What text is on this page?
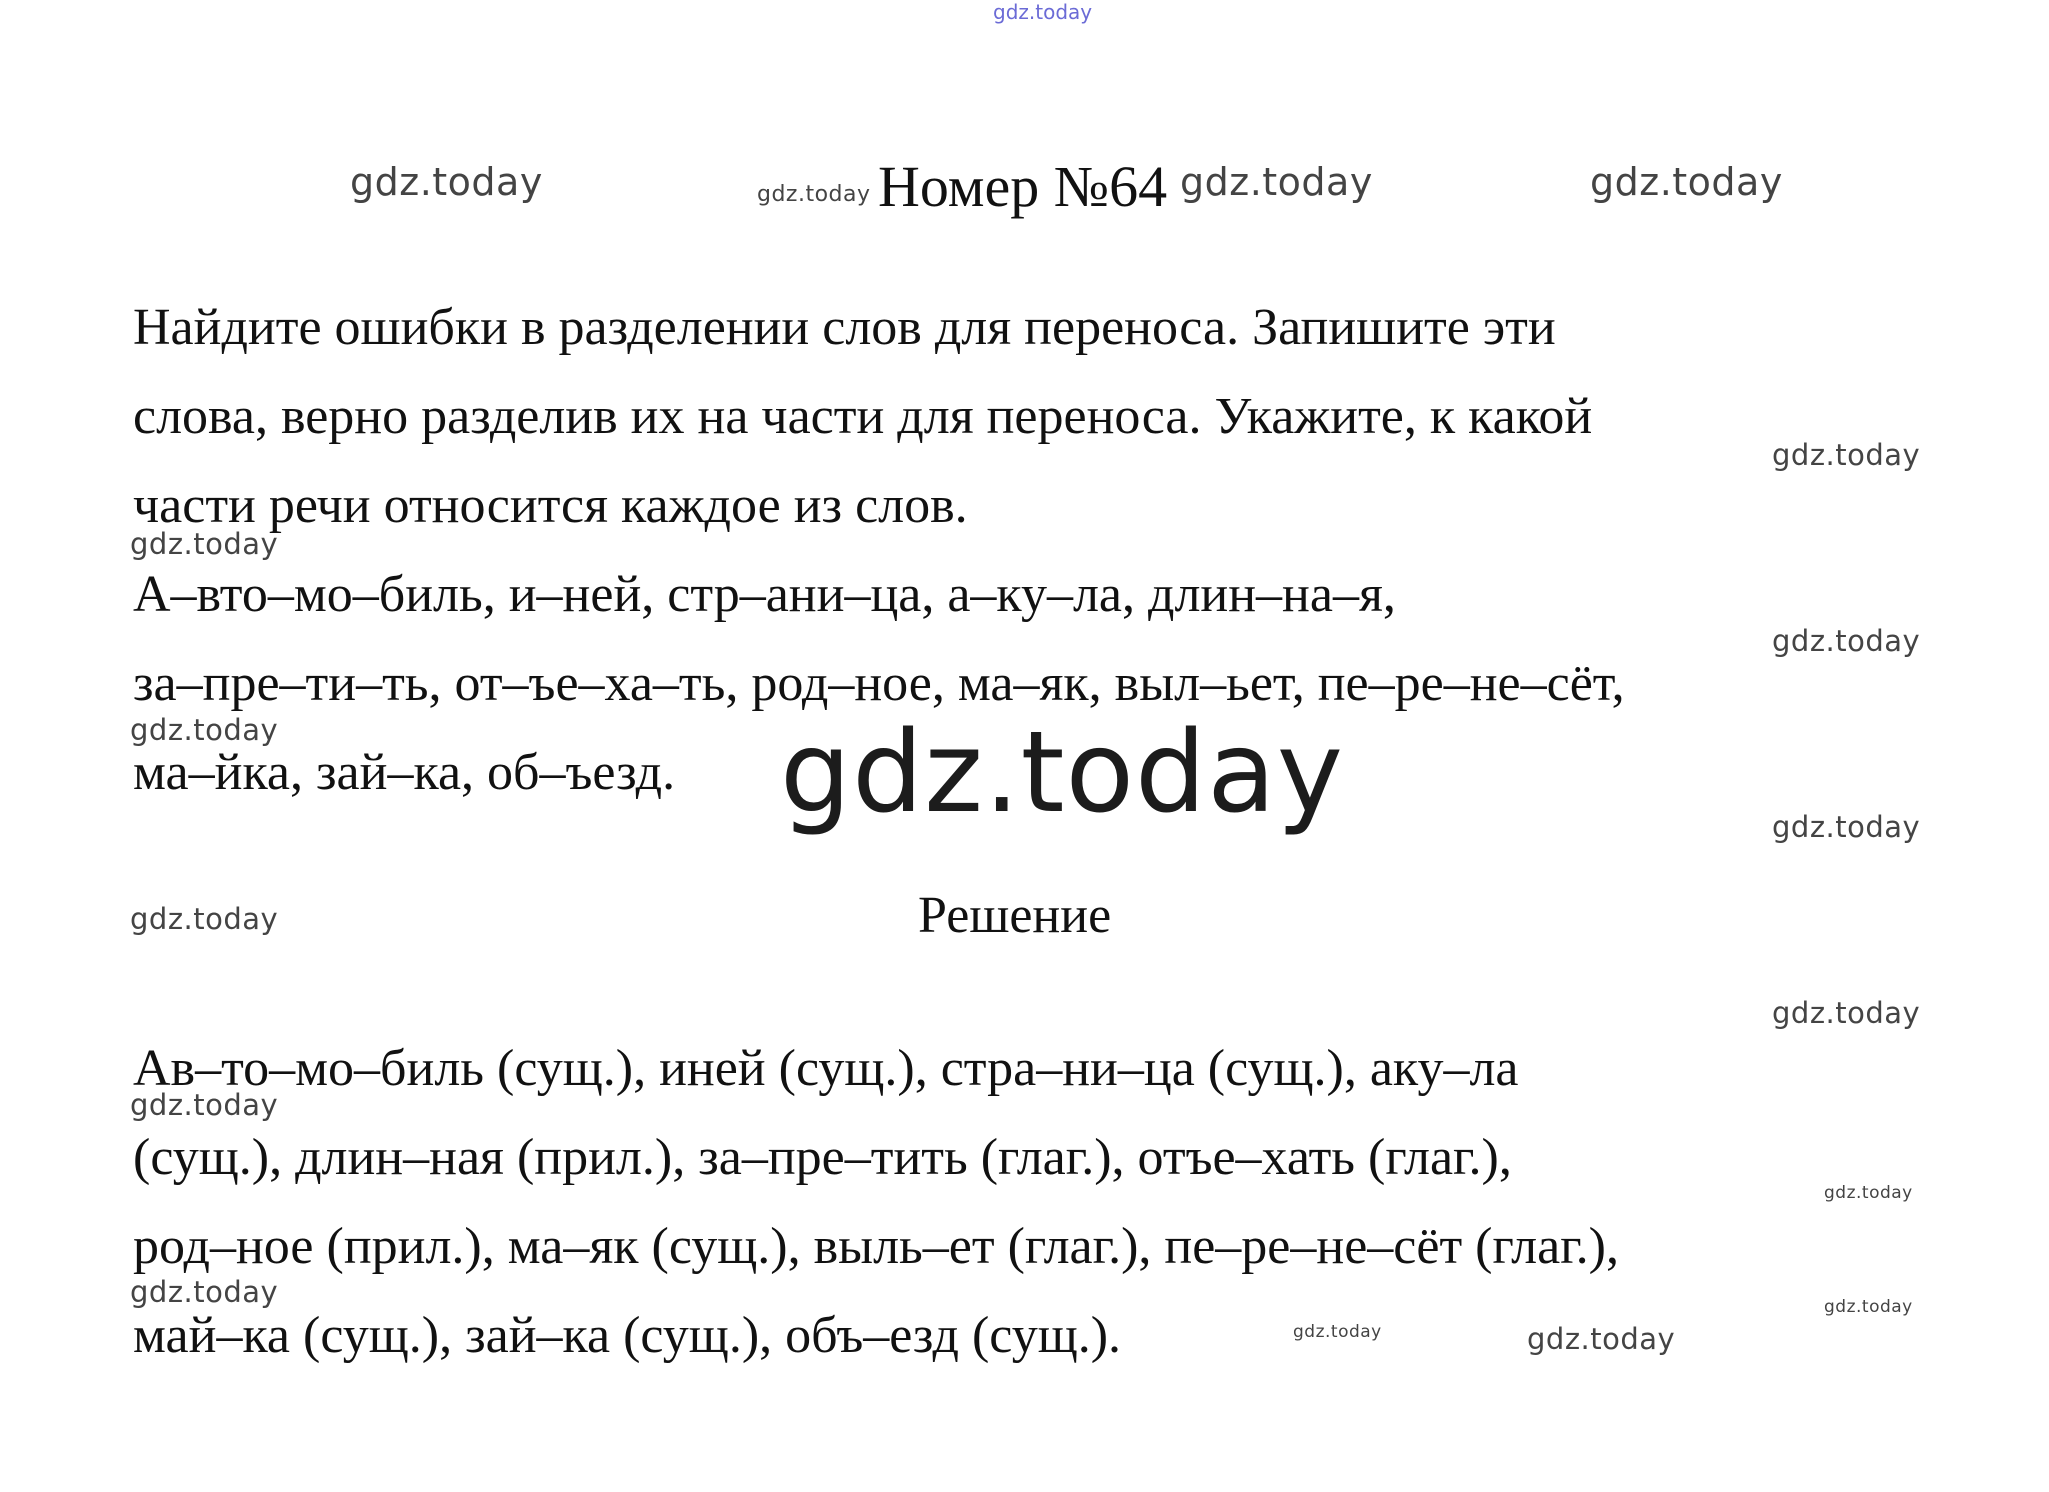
gdz.today
gdz.today	gdz.today	gdz.today	gdz.today
gdz.today
gdz.today
gdz.today
gdz.today	gdz.today	gdz.today
gdz.today
gdz.today
gdz.today
gdz.today
gdz.today	gdz.today
gdz.today	gdz.today
Номер №64
Найдите ошибки в разделении слов для переноса. Запишите эти
слова, верно разделив их на части для переноса. Укажите, к какой
части речи относится каждое из слов.
А–вто–мо–биль, и–ней, стр–ани–ца, а–ку–ла, длин–на–я,
за–пре–ти–ть, от–ъе–ха–ть, род–ное, ма–як, выл–ьет, пе–ре–не–сёт,
ма–йка, зай–ка, об–ъезд.
Решение
Ав–то–мо–биль (сущ.), иней (сущ.), стра–ни–ца (сущ.), аку–ла
(сущ.), длин–ная (прил.), за–пре–тить (глаг.), отъе–хать (глаг.),
род–ное (прил.), ма–як (сущ.), выль–ет (глаг.), пе–ре–не–сёт (глаг.),
май–ка (сущ.), зай–ка (сущ.), объ–езд (сущ.).
